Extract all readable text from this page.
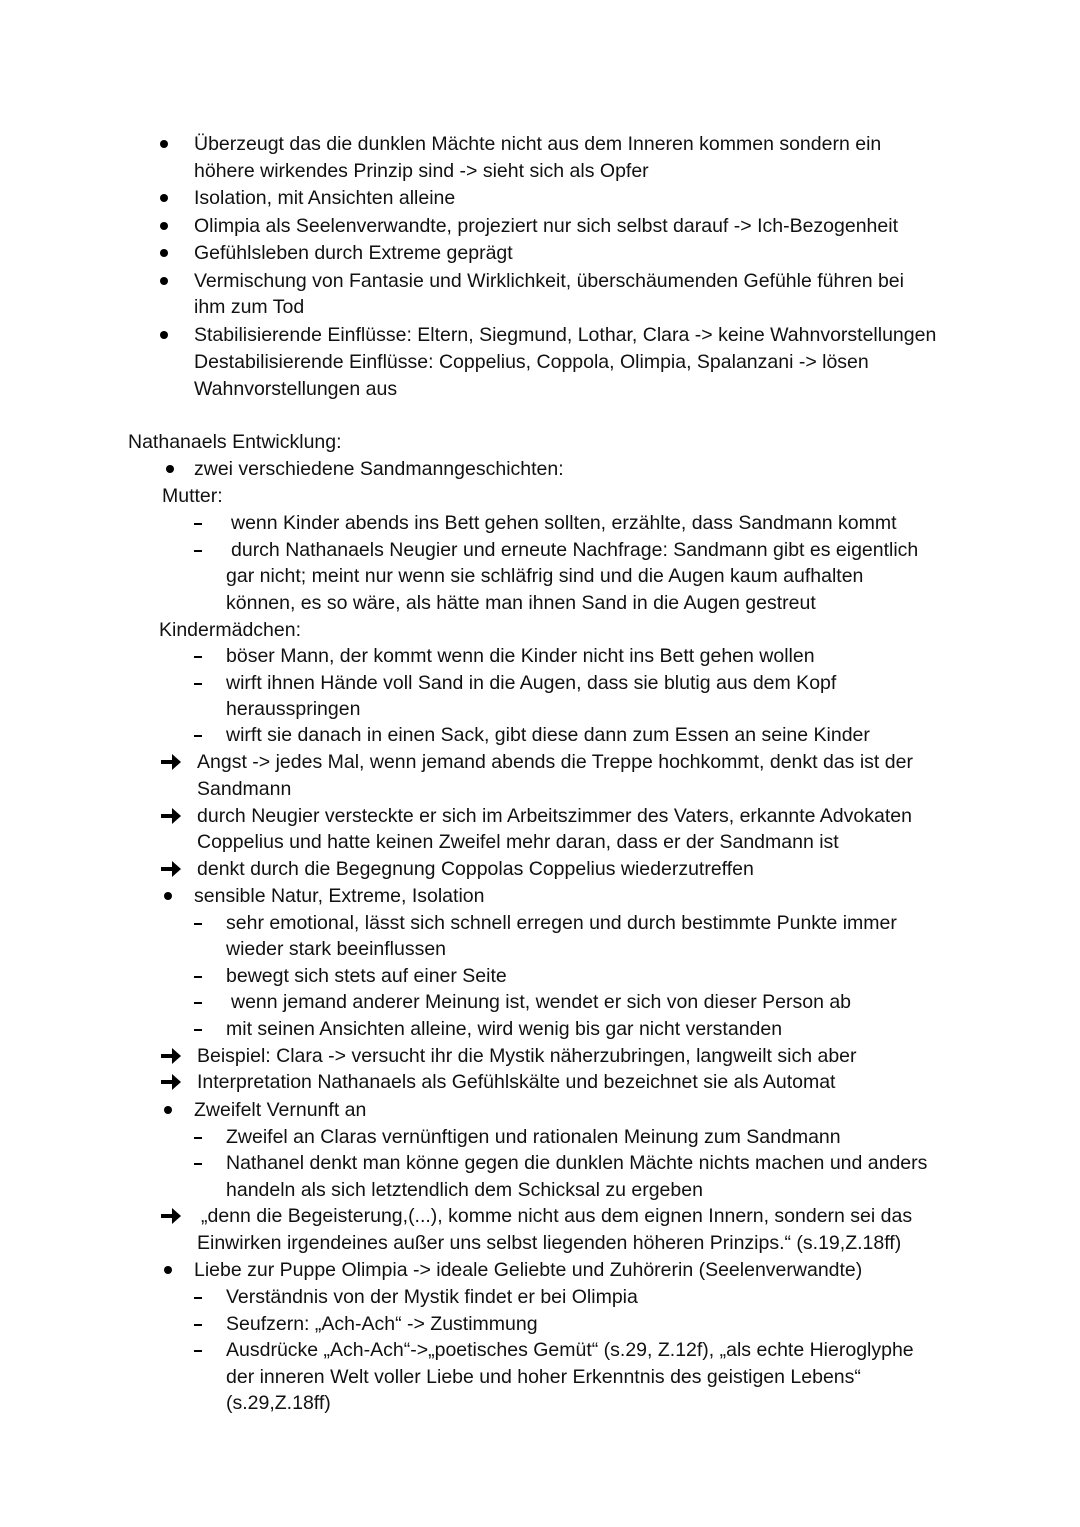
Überzeugt das die dunklen Mächte nicht aus dem Inneren kommen sondern ein
höhere wirkendes Prinzip sind -> sieht sich als Opfer
Isolation, mit Ansichten alleine
Olimpia als Seelenverwandte, projeziert nur sich selbst darauf -> Ich-Bezogenheit
Gefühlsleben durch Extreme geprägt
Vermischung von Fantasie und Wirklichkeit, überschäumenden Gefühle führen bei
ihm zum Tod
Stabilisierende Einflüsse: Eltern, Siegmund, Lothar, Clara -> keine Wahnvorstellungen
Destabilisierende Einflüsse: Coppelius, Coppola, Olimpia, Spalanzani -> lösen
Wahnvorstellungen aus
Nathanaels Entwicklung:
zwei verschiedene Sandmanngeschichten:
Mutter:
wenn Kinder abends ins Bett gehen sollten, erzählte, dass Sandmann kommt
durch Nathanaels Neugier und erneute Nachfrage: Sandmann gibt es eigentlich
gar nicht; meint nur wenn sie schläfrig sind und die Augen kaum aufhalten
können, es so wäre, als hätte man ihnen Sand in die Augen gestreut
Kindermädchen:
böser Mann, der kommt wenn die Kinder nicht ins Bett gehen wollen
wirft ihnen Hände voll Sand in die Augen, dass sie blutig aus dem Kopf
herausspringen
wirft sie danach in einen Sack, gibt diese dann zum Essen an seine Kinder
Angst -> jedes Mal, wenn jemand abends die Treppe hochkommt, denkt das ist der
Sandmann
durch Neugier versteckte er sich im Arbeitszimmer des Vaters, erkannte Advokaten
Coppelius und hatte keinen Zweifel mehr daran, dass er der Sandmann ist
denkt durch die Begegnung Coppolas Coppelius wiederzutreffen
sensible Natur, Extreme, Isolation
sehr emotional, lässt sich schnell erregen und durch bestimmte Punkte immer
wieder stark beeinflussen
bewegt sich stets auf einer Seite
wenn jemand anderer Meinung ist, wendet er sich von dieser Person ab
mit seinen Ansichten alleine, wird wenig bis gar nicht verstanden
Beispiel: Clara -> versucht ihr die Mystik näherzubringen, langweilt sich aber
Interpretation Nathanaels als Gefühlskälte und bezeichnet sie als Automat
Zweifelt Vernunft an
Zweifel an Claras vernünftigen und rationalen Meinung zum Sandmann
Nathanel denkt man könne gegen die dunklen Mächte nichts machen und anders
handeln als sich letztendlich dem Schicksal zu ergeben
„denn die Begeisterung,(...), komme nicht aus dem eignen Innern, sondern sei das
Einwirken irgendeines außer uns selbst liegenden höheren Prinzips.“ (s.19,Z.18ff)
Liebe zur Puppe Olimpia -> ideale Geliebte und Zuhörerin (Seelenverwandte)
Verständnis von der Mystik findet er bei Olimpia
Seufzern: „Ach-Ach“ -> Zustimmung
Ausdrücke „Ach-Ach“->„poetisches Gemüt“ (s.29, Z.12f), „als echte Hieroglyphe
der inneren Welt voller Liebe und hoher Erkenntnis des geistigen Lebens“
(s.29,Z.18ff)
